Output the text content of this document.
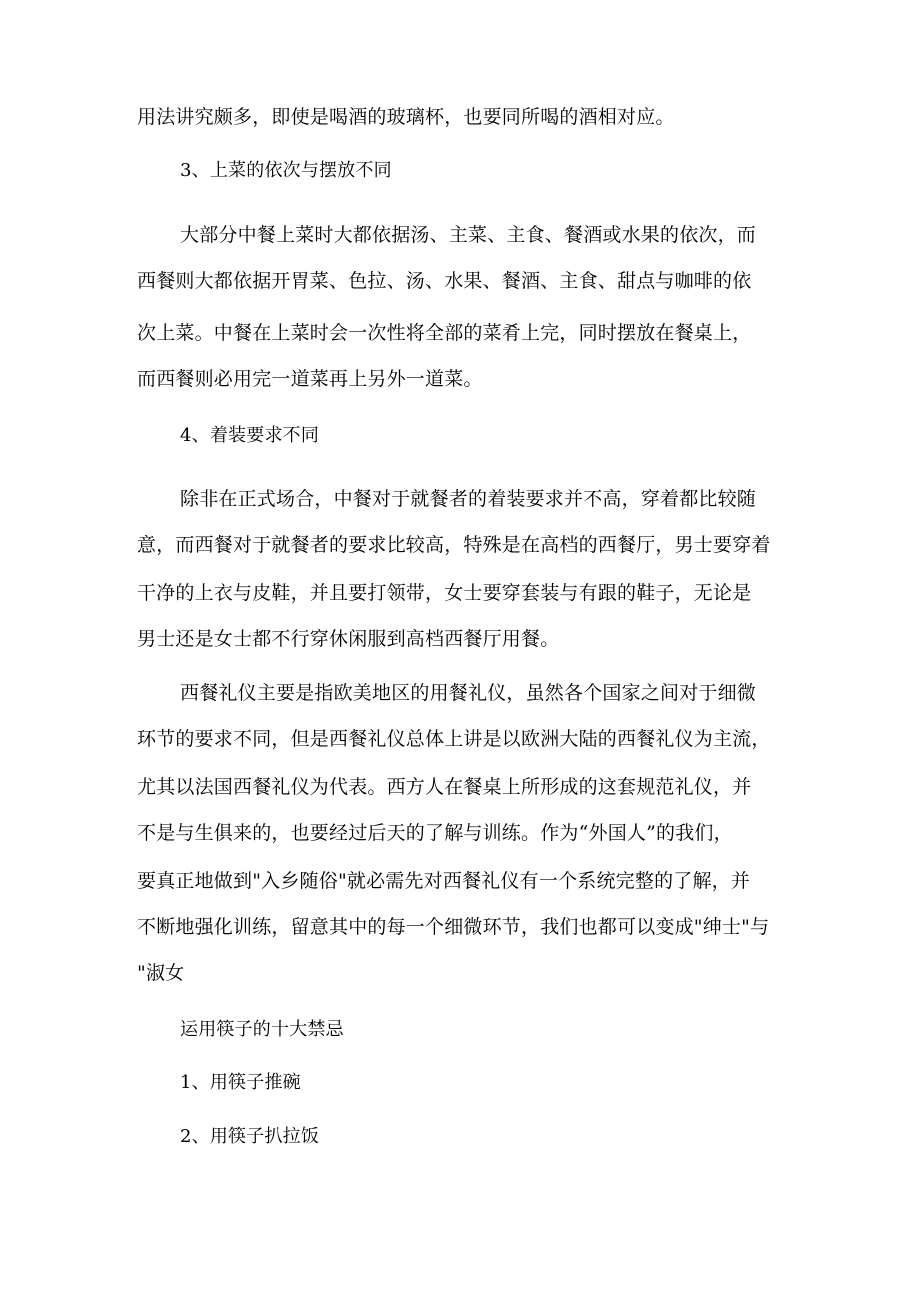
用法讲究颇多，即使是喝酒的玻璃杯，也要同所喝的酒相对应。
3、上菜的依次与摆放不同
大部分中餐上菜时大都依据汤、主菜、主食、餐酒或水果的依次，而
西餐则大都依据开胃菜、色拉、汤、水果、餐酒、主食、甜点与咖啡的依
次上菜。中餐在上菜时会一次性将全部的菜肴上完，同时摆放在餐桌上，
而西餐则必用完一道菜再上另外一道菜。
4、着装要求不同
除非在正式场合，中餐对于就餐者的着装要求并不高，穿着都比较随
意，而西餐对于就餐者的要求比较高，特殊是在高档的西餐厅，男士要穿着
干净的上衣与皮鞋，并且要打领带，女士要穿套装与有跟的鞋子，无论是
男士还是女士都不行穿休闲服到高档西餐厅用餐。
西餐礼仪主要是指欧美地区的用餐礼仪，虽然各个国家之间对于细微
环节的要求不同，但是西餐礼仪总体上讲是以欧洲大陆的西餐礼仪为主流，
尤其以法国西餐礼仪为代表。西方人在餐桌上所形成的这套规范礼仪，并
不是与生俱来的，也要经过后天的了解与训练。作为“外国人”的我们，
要真正地做到"入乡随俗"就必需先对西餐礼仪有一个系统完整的了解，并
不断地强化训练，留意其中的每一个细微环节，我们也都可以变成"绅士"与
"淑女
运用筷子的十大禁忌
1、用筷子推碗
2、用筷子扒拉饭
